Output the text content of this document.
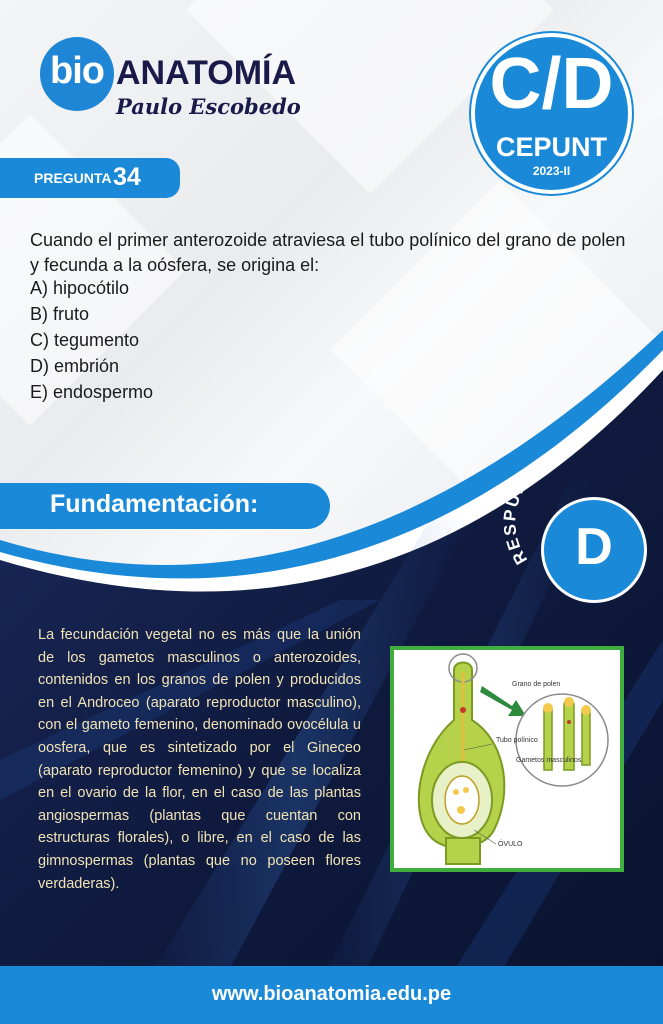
bio ANATOMÍA
Paulo Escobedo	C/D
CEPUNT
2023-II
PREGUNTA 34
Cuando el primer anterozoide atraviesa el tubo polínico del grano de polen y fecunda a la oósfera, se origina el:
A) hipocótilo
B) fruto
C) tegumento
D) embrión
E) endospermo
Fundamentación:
RESPUESTA
D
La fecundación vegetal no es más que la unión de los gametos masculinos o anterozoides, contenidos en los granos de polen y producidos en el Androceo (aparato reproductor masculino), con el gameto femenino, denominado ovocélula u oosfera, que es sintetizado por el Gineceo (aparato reproductor femenino) y que se localiza en el ovario de la flor, en el caso de las plantas angiospermas (plantas que cuentan con estructuras florales), o libre, en el caso de las gimnospermas (plantas que no poseen flores verdaderas).
Grano de polen
Tubo polínico
Gametos masculinos
ÓVULO
www.bioanatomia.edu.pe
